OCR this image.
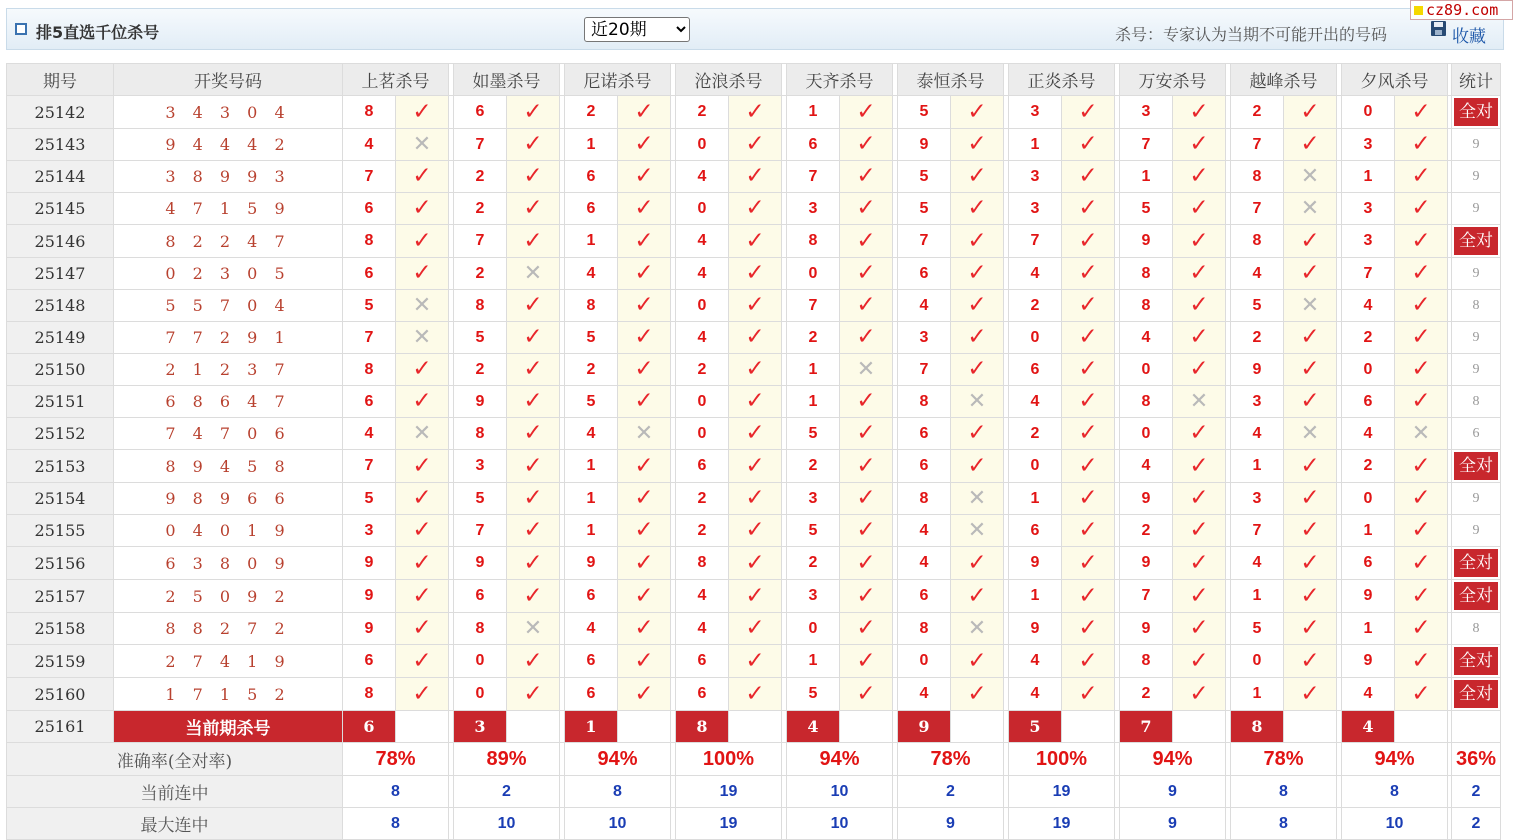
排5直选千位杀号
近20期	杀号：专家认为当期不可能开出的号码	收藏
cz89.com
期号	开奖号码	上茗杀号			如墨杀号			尼诺杀号			沧浪杀号			天齐杀号			泰恒杀号			正炎杀号			万安杀号			越峰杀号			夕风杀号			统计
25142	3 4 3 0 4	8	✓		6	✓		2	✓		2	✓		1	✓		5	✓		3	✓		3	✓		2	✓		0	✓		全对

25143	9 4 4 4 2	4	✕		7	✓		1	✓		0	✓		6	✓		9	✓		1	✓		7	✓		7	✓		3	✓		9
25144	3 8 9 9 3	7	✓		2	✓		6	✓		4	✓		7	✓		5	✓		3	✓		1	✓		8	✕		1	✓		9
25145	4 7 1 5 9	6	✓		2	✓		6	✓		0	✓		3	✓		5	✓		3	✓		5	✓		7	✕		3	✓		9
25146	8 2 2 4 7	8	✓		7	✓		1	✓		4	✓		8	✓		7	✓		7	✓		9	✓		8	✓		3	✓		全对

25147	0 2 3 0 5	6	✓		2	✕		4	✓		4	✓		0	✓		6	✓		4	✓		8	✓		4	✓		7	✓		9
25148	5 5 7 0 4	5	✕		8	✓		8	✓		0	✓		7	✓		4	✓		2	✓		8	✓		5	✕		4	✓		8
25149	7 7 2 9 1	7	✕		5	✓		5	✓		4	✓		2	✓		3	✓		0	✓		4	✓		2	✓		2	✓		9
25150	2 1 2 3 7	8	✓		2	✓		2	✓		2	✓		1	✕		7	✓		6	✓		0	✓		9	✓		0	✓		9
25151	6 8 6 4 7	6	✓		9	✓		5	✓		0	✓		1	✓		8	✕		4	✓		8	✕		3	✓		6	✓		8
25152	7 4 7 0 6	4	✕		8	✓		4	✕		0	✓		5	✓		6	✓		2	✓		0	✓		4	✕		4	✕		6
25153	8 9 4 5 8	7	✓		3	✓		1	✓		6	✓		2	✓		6	✓		0	✓		4	✓		1	✓		2	✓		全对

25154	9 8 9 6 6	5	✓		5	✓		1	✓		2	✓		3	✓		8	✕		1	✓		9	✓		3	✓		0	✓		9
25155	0 4 0 1 9	3	✓		7	✓		1	✓		2	✓		5	✓		4	✕		6	✓		2	✓		7	✓		1	✓		9
25156	6 3 8 0 9	9	✓		9	✓		9	✓		8	✓		2	✓		4	✓		9	✓		9	✓		4	✓		6	✓		全对

25157	2 5 0 9 2	9	✓		6	✓		6	✓		4	✓		3	✓		6	✓		1	✓		7	✓		1	✓		9	✓		全对

25158	8 8 2 7 2	9	✓		8	✕		4	✓		4	✓		0	✓		8	✕		9	✓		9	✓		5	✓		1	✓		8
25159	2 7 4 1 9	6	✓		0	✓		6	✓		6	✓		1	✓		0	✓		4	✓		8	✓		0	✓		9	✓		全对

25160	1 7 1 5 2	8	✓		0	✓		6	✓		6	✓		5	✓		4	✓		4	✓		2	✓		1	✓		4	✓		全对

25161	当前期杀号	6			3			1			8			4			9			5			7			8			4			
准确率(全对率)		78%			89%			94%			100%			94%			78%			100%			94%			78%			94%			36%
当前连中		8			2			8			19			10			2			19			9			8			8			2
最大连中		8			10			10			19			10			9			19			9			8			10			2
